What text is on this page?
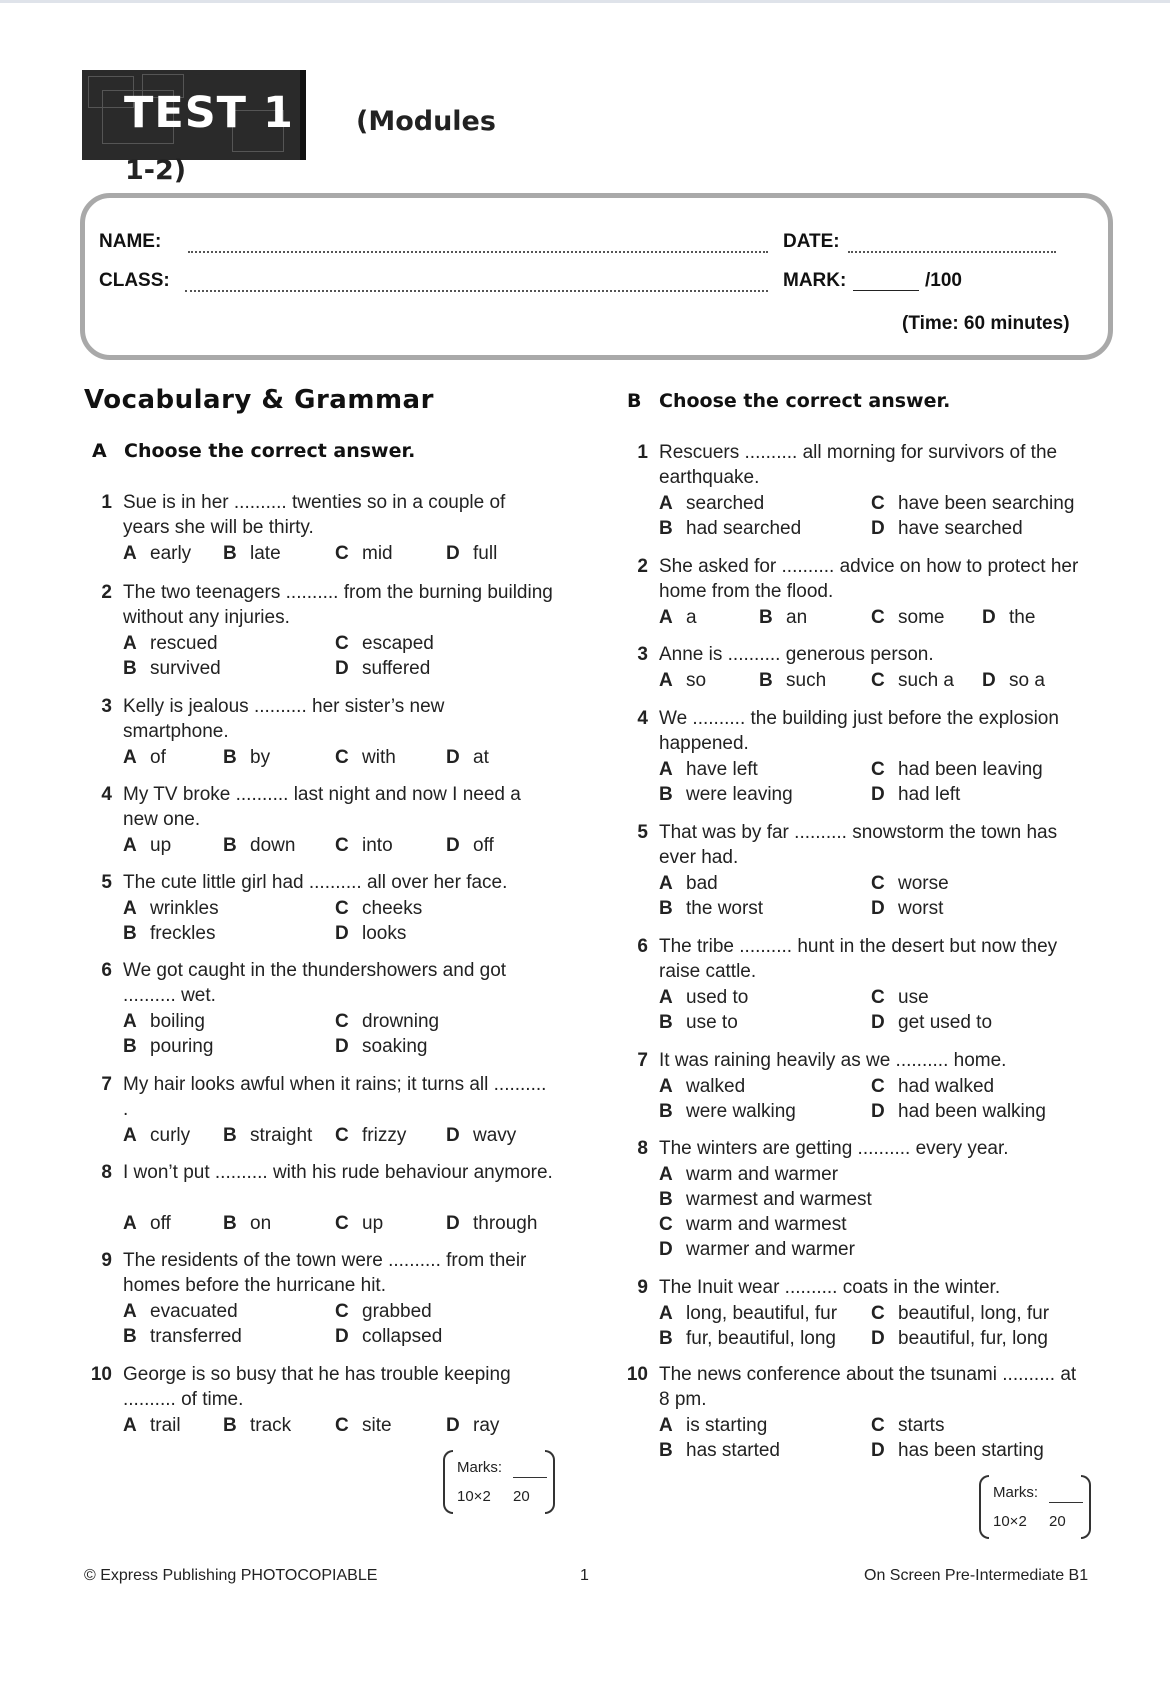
TEST 1 (Modules
1-2)
NAME:
CLASS:
DATE:
MARK:	/100
(Time: 60 minutes)
Vocabulary & Grammar
A Choose the correct answer.
B Choose the correct answer.
1 Sue is in her .......... twenties so in a couple of years she will be thirty.
A early B late	C mid	D full
2 The two teenagers .......... from the burning building without any injuries.
A rescued
B survived
C escaped
D suffered
3 Kelly is jealous .......... her sister’s new smartphone.
A of	B by	C with	D at
4 My TV broke .......... last night and now I need a new one.
A up	B down C into	D off
5 The cute little girl had .......... all over her face.
A wrinkles
B freckles
C cheeks
D looks
6 We got caught in the thundershowers and got .......... wet.
A boiling
B pouring
C drowning
D soaking
7 My hair looks awful when it rains; it turns all .......... .
A curly B straight C frizzy D wavy
8 I won’t put .......... with his rude behaviour anymore.
A off	B on	C up	D through
9 The residents of the town were .......... from their homes before the hurricane hit.
A evacuated
B transferred
C grabbed
D collapsed
10 George is so busy that he has trouble keeping .......... of time.
A trail B track C site	D ray
Marks:
10×2 20
1 Rescuers .......... all morning for survivors of the earthquake.
A searched
B had searched
C have been searching
D have searched
2 She asked for .......... advice on how to protect her home from the flood.
A a	B an	C some D the
3 Anne is .......... generous person.
A so	B such C such a D so a
4 We .......... the building just before the explosion happened.
A have left
B were leaving
C had been leaving
D had left
5 That was by far .......... snowstorm the town has ever had.
A bad
B the worst
C worse
D worst
6 The tribe .......... hunt in the desert but now they raise cattle.
A used to
B use to
C use
D get used to
7 It was raining heavily as we .......... home.
A walked
B were walking
C had walked
D had been walking
8 The winters are getting .......... every year.
A warm and warmer
B warmest and warmest
C warm and warmest
D warmer and warmer
9 The Inuit wear .......... coats in the winter.
A long, beautiful, fur
B fur, beautiful, long
C beautiful, long, fur
D beautiful, fur, long
10 The news conference about the tsunami .......... at 8 pm.
A is starting
B has started
C starts
D has been starting
Marks:
10×2 20
© Express Publishing PHOTOCOPIABLE	1	On Screen Pre-Intermediate B1
